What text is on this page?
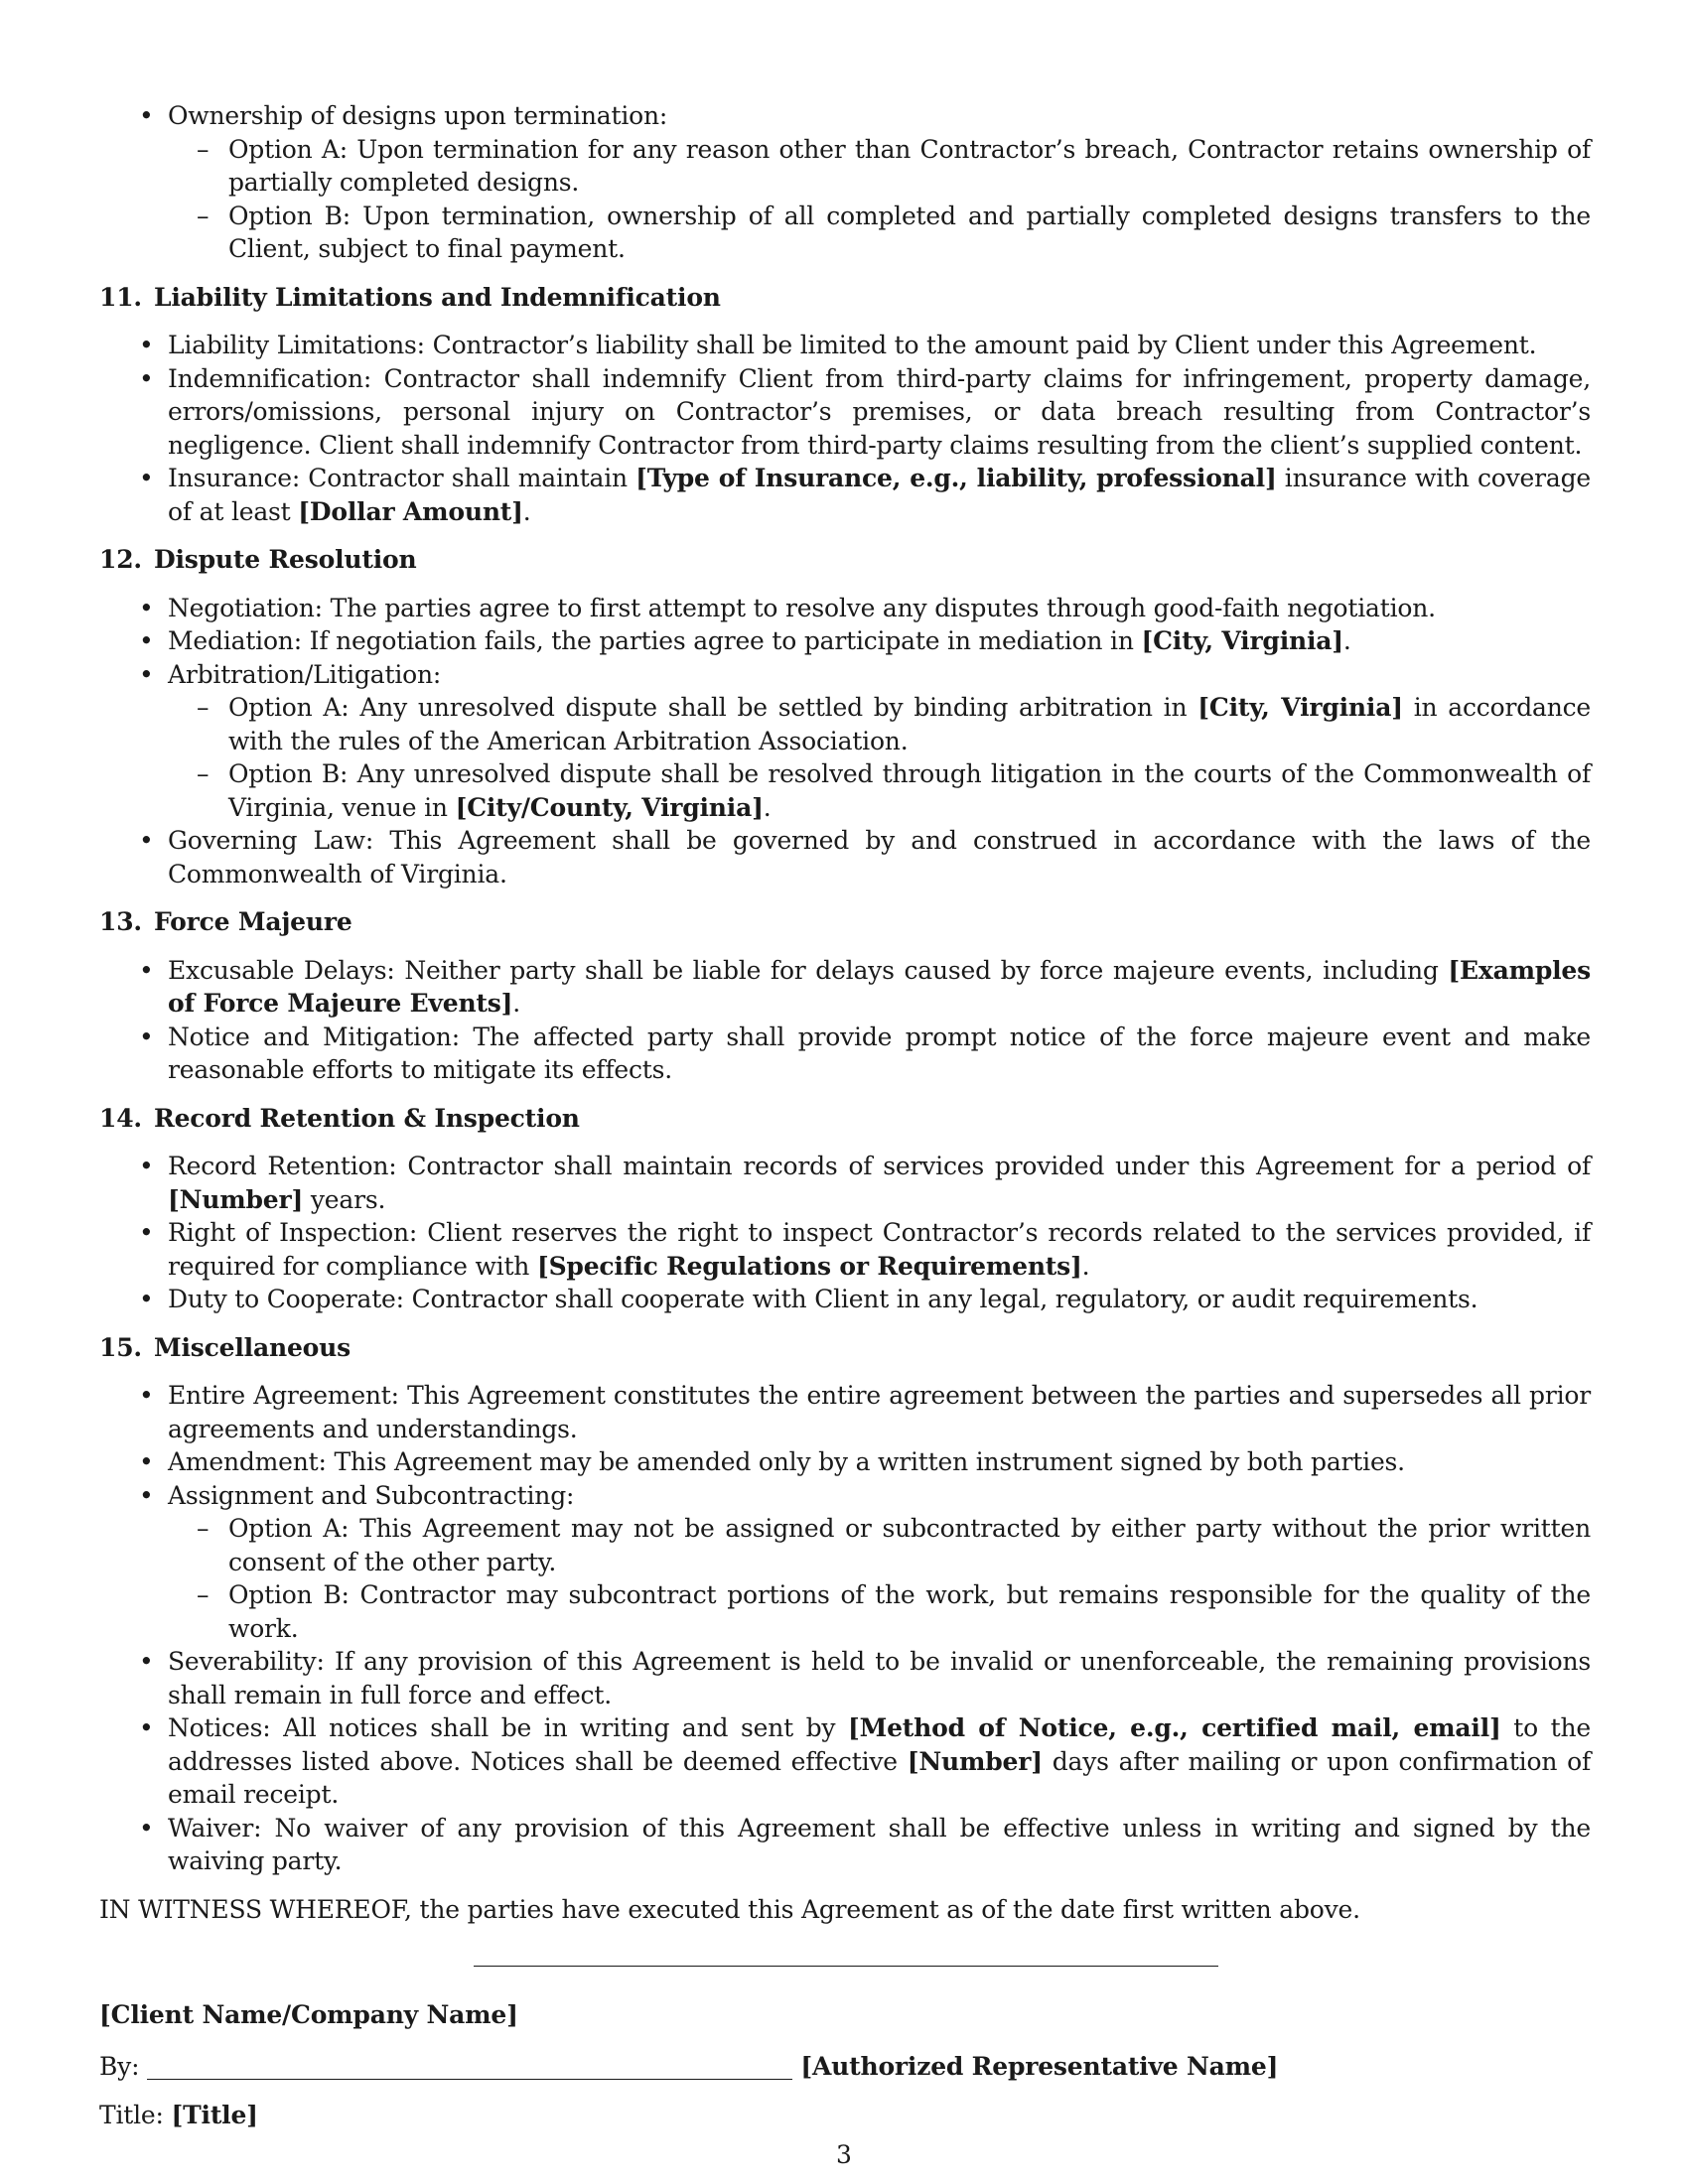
• Ownership of designs upon termination:
– Option A: Upon termination for any reason other than Contractor’s breach, Contractor retains ownership of partially completed designs.
– Option B: Upon termination, ownership of all completed and partially completed designs transfers to the Client, subject to final payment.
11. Liability Limitations and Indemnification
• Liability Limitations: Contractor’s liability shall be limited to the amount paid by Client under this Agreement.
• Indemnification: Contractor shall indemnify Client from third-party claims for infringement, property damage, errors/omissions, personal injury on Contractor’s premises, or data breach resulting from Contractor’s negligence. Client shall indemnify Contractor from third-party claims resulting from the client’s supplied content.
• Insurance: Contractor shall maintain [Type of Insurance, e.g., liability, professional] insurance with coverage of at least [Dollar Amount].
12. Dispute Resolution
• Negotiation: The parties agree to first attempt to resolve any disputes through good-faith negotiation.
• Mediation: If negotiation fails, the parties agree to participate in mediation in [City, Virginia].
• Arbitration/Litigation:
– Option A: Any unresolved dispute shall be settled by binding arbitration in [City, Virginia] in accordance with the rules of the American Arbitration Association.
– Option B: Any unresolved dispute shall be resolved through litigation in the courts of the Commonwealth of Virginia, venue in [City/County, Virginia].
• Governing Law: This Agreement shall be governed by and construed in accordance with the laws of the Commonwealth of Virginia.
13. Force Majeure
• Excusable Delays: Neither party shall be liable for delays caused by force majeure events, including [Examples of Force Majeure Events].
• Notice and Mitigation: The affected party shall provide prompt notice of the force majeure event and make reasonable efforts to mitigate its effects.
14. Record Retention & Inspection
• Record Retention: Contractor shall maintain records of services provided under this Agreement for a period of [Number] years.
• Right of Inspection: Client reserves the right to inspect Contractor’s records related to the services provided, if required for compliance with [Specific Regulations or Requirements].
• Duty to Cooperate: Contractor shall cooperate with Client in any legal, regulatory, or audit requirements.
15. Miscellaneous
• Entire Agreement: This Agreement constitutes the entire agreement between the parties and supersedes all prior agreements and understandings.
• Amendment: This Agreement may be amended only by a written instrument signed by both parties.
• Assignment and Subcontracting:
– Option A: This Agreement may not be assigned or subcontracted by either party without the prior written consent of the other party.
– Option B: Contractor may subcontract portions of the work, but remains responsible for the quality of the work.
• Severability: If any provision of this Agreement is held to be invalid or unenforceable, the remaining provisions shall remain in full force and effect.
• Notices: All notices shall be in writing and sent by [Method of Notice, e.g., certified mail, email] to the addresses listed above. Notices shall be deemed effective [Number] days after mailing or upon confirmation of email receipt.
• Waiver: No waiver of any provision of this Agreement shall be effective unless in writing and signed by the waiving party.
IN WITNESS WHEREOF, the parties have executed this Agreement as of the date first written above.
[Client Name/Company Name]
By:	[Authorized Representative Name]
Title: [Title]
3
